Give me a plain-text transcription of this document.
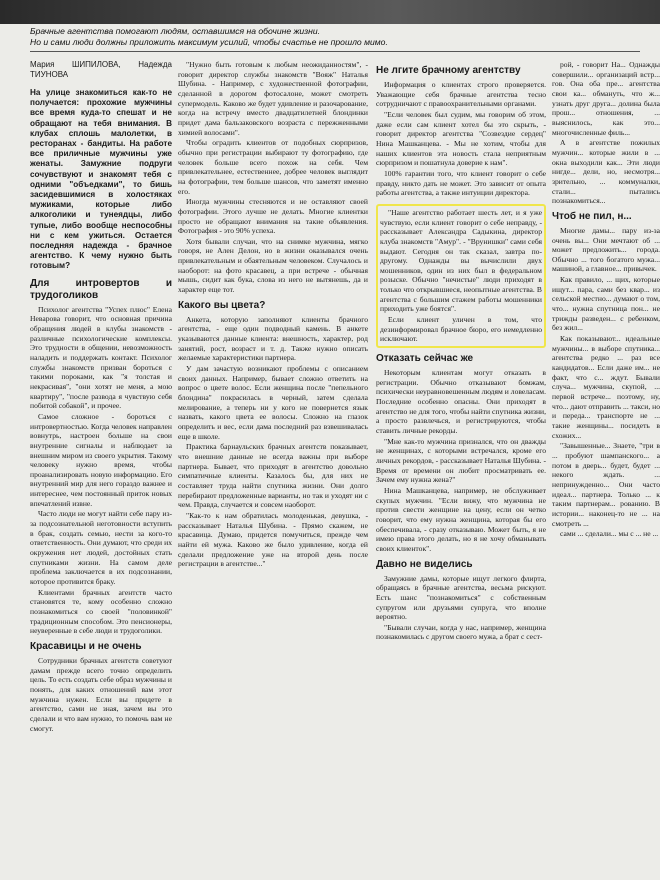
Брачные агентства помогают людям, оставшимся на обочине жизни.
Но и сами люди должны приложить максимум усилий, чтобы счастье не прошло мимо.
Мария ШИПИЛОВА, Надежда ТИУНОВА
На улице знакомиться как-то не получается: прохожие мужчины все время куда-то спешат и не обращают на тебя внимания. В клубах сплошь малолетки, в ресторанах - бандиты. На работе все приличные мужчины уже женаты. Замужние подруги сочувствуют и знакомят тебя с одними "объедками", то бишь засидевшимися в холостяках мужиками, которые либо алкоголики и тунеядцы, либо тупые, либо вообще неспособны ни с кем ужиться. Остается последняя надежда - брачное агентство. К чему нужно быть готовым?
Для интровертов и трудоголиков

Психолог агентства "Успех плюс" Елена Неварова говорит, что основная причина обращения людей в клубы знакомств - различные психологические комплексы. Это трудности в общении, невозможность наладить и поддержать контакт. Психолог службы знакомств призван бороться с такими пороками, как "я толстая и некрасивая", "они хотят не меня, а мою квартиру", "после развода я чувствую себя побитой собакой", и прочее.

Самое сложное - бороться с интровертностью. Когда человек направлен вовнутрь, настроен больше на свои внутренние сигналы и наблюдает за внешним миром из своего укрытия. Такому человеку нужно время, чтобы проанализировать новую информацию. Его внутренний мир для него гораздо важнее и интереснее, чем постоянный приток новых впечатлений извне.

Часто люди не могут найти себе пару из-за подсознательной неготовности вступить в брак, создать семью, нести за кого-то ответственность. Они думают, что среди их окружения нет людей, достойных стать спутниками жизни. На самом деле проблема заключается в их подсознании, которое противится браку.

Клиентами брачных агентств часто становятся те, кому особенно сложно познакомиться со своей "половинкой" традиционным способом. Это пенсионеры, неуверенные в себе люди и трудоголики.

Красавицы и не очень

Сотрудники брачных агентств советуют дамам прежде всего точно определить цель. То есть создать себе образ мужчины и понять, для каких отношений вам этот мужчина нужен. Если вы придете в агентство, сами не зная, зачем вы это сделали и что вам нужно, то помочь вам не смогут.

"Нужно быть готовым к любым неожиданностям", - говорит директор службы знакомств "Вояж" Наталья Шубина. - Например, с художественной фотографии, сделанной в дорогом фотосалоне, может смотреть супермодель. Каково же будет удивление и разочарование, когда на встречу вместо двадцатилетней блондинки придет дама бальзаковского возраста с пережженными химией волосами".

Чтобы оградить клиентов от подобных сюрпризов, обычно при регистрации выбирают ту фотографию, где человек больше всего похож на себя. Чем привлекательнее, естественнее, добрее человек выглядит на фотографии, тем больше шансов, что заметят именно его.

Иногда мужчины стесняются и не оставляют своей фотографии. Этого лучше не делать. Многие клиентки просто не обращают внимания на такие объявления. Фотография - это 90% успеха.

Хотя бывали случаи, что на снимке мужчина, мягко говоря, не Ален Делон, но в жизни оказывался очень привлекательным и обаятельным человеком. Случалось и наоборот: на фото красавец, а при встрече - обычная мышь, сидит как бука, слова из него не вытянешь, да и характер еще тот.

Какого вы цвета?

Анкета, которую заполняют клиенты брачного агентства, - еще один подводный камень. В анкете указываются данные клиента: внешность, характер, род занятий, рост, возраст и т. д. Также нужно описать желаемые характеристики партнера.

У дам зачастую возникают проблемы с описанием своих данных. Например, бывает сложно ответить на вопрос о цвете волос. Если женщина после "пепельного блондина" покрасилась в черный, затем сделала мелирование, а теперь ни у кого не повернется язык назвать, какого цвета ее волосы. Сложно на глазок определить и вес, если дама последний раз взвешивалась еще в школе.

Практика барнаульских брачных агентств показывает, что внешние данные не всегда важны при выборе партнера. Бывает, что приходят в агентство довольно симпатичные клиенты. Казалось бы, для них не составляет труда найти спутника жизни. Они долго перебирают предложенные варианты, но так и уходят ни с чем. Правда, случается и совсем наоборот.

"Как-то к нам обратилась молоденькая, девушка, - рассказывает Наталья Шубина. - Прямо скажем, не красавица. Думаю, придется помучиться, прежде чем найти ей мужа. Каково же было удивление, когда ей сделали предложение уже на второй день после регистрации в агентстве..."

Не лгите брачному агентству

Информация о клиентах строго проверяется. Уважающие себя брачные агентства тесно сотрудничают с правоохранительными органами.

"Если человек был судим, мы говорим об этом, даже если сам клиент хотел бы это скрыть, - говорит директор агентства "Созвездие сердец" Нина Машканцева. - Мы не хотим, чтобы для наших клиентов эта новость стала неприятным сюрпризом и пошатнула доверие к нам".

100% гарантии того, что клиент говорит о себе правду, никто дать не может. Это зависит от опыта работы агентства, а также интуиции директора.

"Наше агентство работает шесть лет, и я уже чувствую, если клиент говорит о себе неправду, - рассказывает Александра Садыкина, директор клуба знакомств "Амур". - "Врунишки" сами себя выдают. Сегодня он так сказал, завтра по-другому. Однажды вы вычислили двух мошенников, один из них был в федеральном розыске. Обычно "нечистые" люди приходят в только что открывшиеся, неопытные агентства. В агентства с большим стажем работы мошенники приходить уже боятся".

Если клиент уличен в том, что дезинформировал брачное бюро, его немедленно исключают.

Отказать сейчас же

Некоторым клиентам могут отказать в регистрации. Обычно отказывают бомжам, психически неуравновешенным людям и ловеласам. Последние особенно опасны. Они приходят в агентство не для того, чтобы найти спутника жизни, а просто развлечься, и регистрируются, чтобы ставить личные рекорды.

"Мне как-то мужчина признался, что он дважды не женщинах, с которыми встречался, кроме его личных рекордов, - рассказывает Наталья Шубина. - Время от времени он любит просматривать ее. Зачем ему нужна жена?"

Нина Машканцева, например, не обслуживает скупых мужчин. "Если вижу, что мужчина не против свести женщине на цену, если он четко говорит, что ему нужна женщина, которая бы его обеспечивала, - сразу отказываю. Может быть, я не имею права этого делать, но я не хочу обманывать своих клиенток".

Давно не виделись

Замужние дамы, которые ищут легкого флирта, обращаясь в брачные агентства, весьма рискуют. Есть шанс "познакомиться" с собственным супругом или друзьями супруга, что вполне вероятно.

"Бывали случаи, когда у нас, например, женщина познакомилась с другом своего мужа, а брат с сест-

рой, - говорит На... Однажды совершили... организаций встр... гов. Она оба пре... агентства свои ка... обмануть, что ж... узнать друг друга... долина была прош... отношения, ... выяснилось, как это... многочисленные филь...

А в агентстве пожилых мужчин... которые жили в ... окна выходили как... Эти люди нигде... дели, но, несмотря... зрительно, ... коммуналки, стали... пытались познакомиться...

Чтоб не пил, н...

Многие дамы... пару из-за очень вы... Они мечтают об ... может предложить... города. Обычно ... того богатого мужа... машиной, а главное... привычек.

Как правило, ... щих, которые ищут... пара, сами без квар... из сельской местно... думают о том, что... нужна спутница пон... не трижды разведен... с ребенком, без жил...

Как показывают... идеальные мужчины... в выборе спутника... агентства редко ... раз все кандидатов... Если даже им... не факт, что с... ждут. Бывали случа... мужчина, скупой, ... первой встрече... поэтому, ну, что... дают отправить ... такси, но и переда... транспорте не ... такие женщины... посидеть в схожих...

"Завышенные... Знаете, "три в ... пробуют шампанского... а потом в дверь... будет, будет ... некого ждать. ... непринужденно... Они часто идеал... партнера. Только ... к таким партнерам... рованию. В истории... наконец-то не ... на смотреть ...

сами ... сделали... мы с ... не ...
